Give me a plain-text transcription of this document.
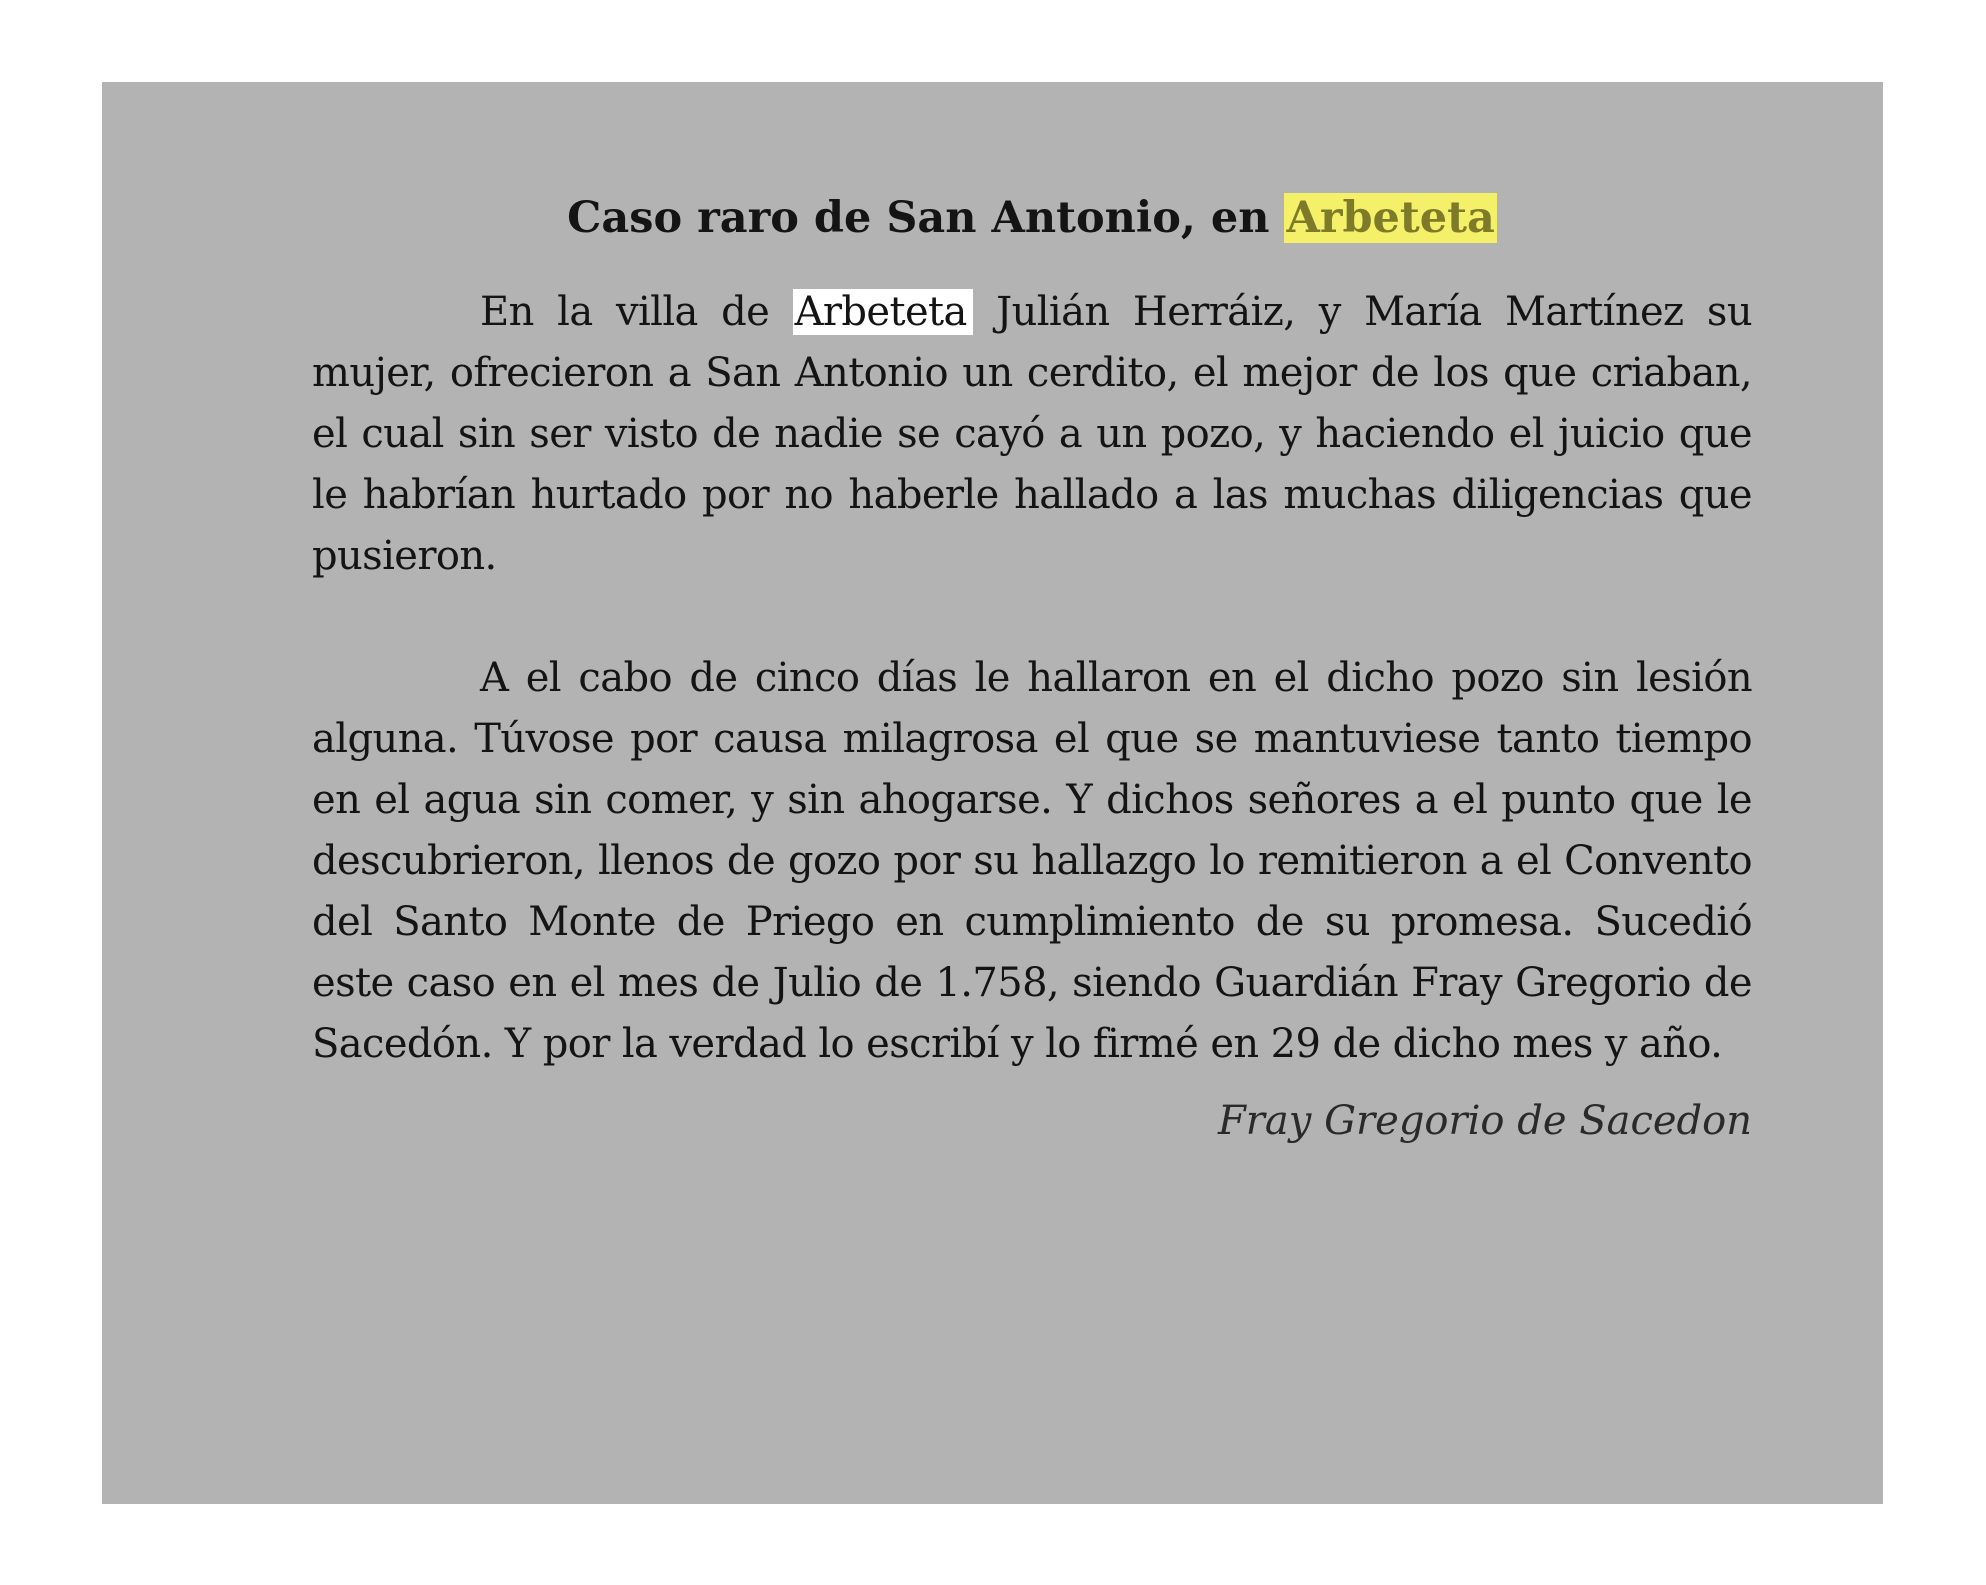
Caso raro de San Antonio, en Arbeteta

En la villa de Arbeteta Julián Herráiz, y María Martínez su mujer, ofrecieron a San Antonio un cerdito, el mejor de los que criaban, el cual sin ser visto de nadie se cayó a un pozo, y haciendo el juicio que le habrían hurtado por no haberle hallado a las muchas diligencias que pusieron.

A el cabo de cinco días le hallaron en el dicho pozo sin lesión alguna. Túvose por causa milagrosa el que se mantuviese tanto tiempo en el agua sin comer, y sin ahogarse. Y dichos señores a el punto que le descubrieron, llenos de gozo por su hallazgo lo remitieron a el Convento del Santo Monte de Priego en cumplimiento de su promesa. Sucedió este caso en el mes de Julio de 1.758, siendo Guardián Fray Gregorio de Sacedón. Y por la verdad lo escribí y lo firmé en 29 de dicho mes y año.

Fray Gregorio de Sacedon
